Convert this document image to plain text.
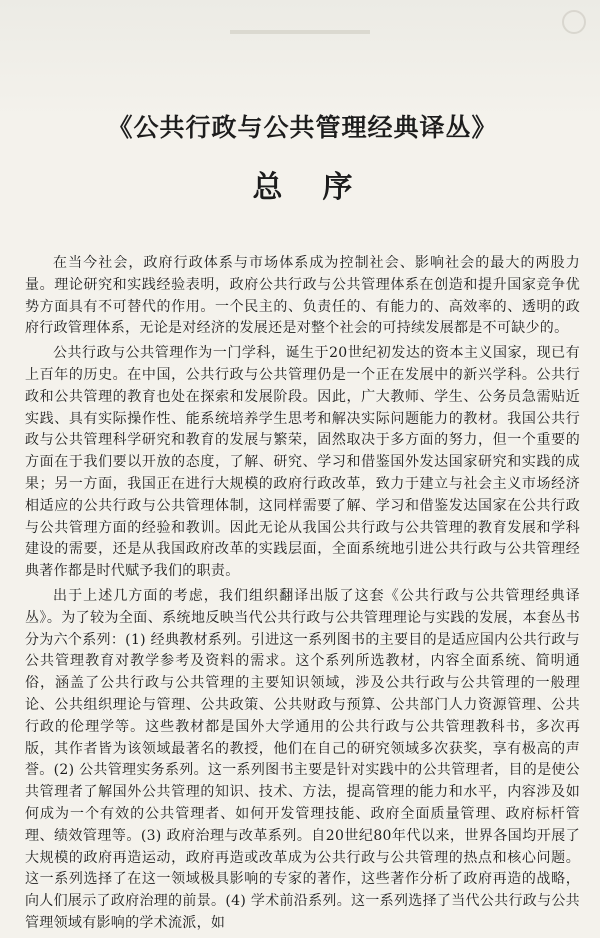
《公共行政与公共管理经典译丛》
总序

在当今社会，政府行政体系与市场体系成为控制社会、影响社会的最大的两股力量。理论研究和实践经验表明，政府公共行政与公共管理体系在创造和提升国家竞争优势方面具有不可替代的作用。一个民主的、负责任的、有能力的、高效率的、透明的政府行政管理体系，无论是对经济的发展还是对整个社会的可持续发展都是不可缺少的。

公共行政与公共管理作为一门学科，诞生于20世纪初发达的资本主义国家，现已有上百年的历史。在中国，公共行政与公共管理仍是一个正在发展中的新兴学科。公共行政和公共管理的教育也处在探索和发展阶段。因此，广大教师、学生、公务员急需贴近实践、具有实际操作性、能系统培养学生思考和解决实际问题能力的教材。我国公共行政与公共管理科学研究和教育的发展与繁荣，固然取决于多方面的努力，但一个重要的方面在于我们要以开放的态度，了解、研究、学习和借鉴国外发达国家研究和实践的成果；另一方面，我国正在进行大规模的政府行政改革，致力于建立与社会主义市场经济相适应的公共行政与公共管理体制，这同样需要了解、学习和借鉴发达国家在公共行政与公共管理方面的经验和教训。因此无论从我国公共行政与公共管理的教育发展和学科建设的需要，还是从我国政府改革的实践层面，全面系统地引进公共行政与公共管理经典著作都是时代赋予我们的职责。

出于上述几方面的考虑，我们组织翻译出版了这套《公共行政与公共管理经典译丛》。为了较为全面、系统地反映当代公共行政与公共管理理论与实践的发展，本套丛书分为六个系列：(1) 经典教材系列。引进这一系列图书的主要目的是适应国内公共行政与公共管理教育对教学参考及资料的需求。这个系列所选教材，内容全面系统、简明通俗，涵盖了公共行政与公共管理的主要知识领域，涉及公共行政与公共管理的一般理论、公共组织理论与管理、公共政策、公共财政与预算、公共部门人力资源管理、公共行政的伦理学等。这些教材都是国外大学通用的公共行政与公共管理教科书，多次再版，其作者皆为该领域最著名的教授，他们在自己的研究领域多次获奖，享有极高的声誉。(2) 公共管理实务系列。这一系列图书主要是针对实践中的公共管理者，目的是使公共管理者了解国外公共管理的知识、技术、方法，提高管理的能力和水平，内容涉及如何成为一个有效的公共管理者、如何开发管理技能、政府全面质量管理、政府标杆管理、绩效管理等。(3) 政府治理与改革系列。自20世纪80年代以来，世界各国均开展了大规模的政府再造运动，政府再造或改革成为公共行政与公共管理的热点和核心问题。这一系列选择了在这一领域极具影响的专家的著作，这些著作分析了政府再造的战略，向人们展示了政府治理的前景。(4) 学术前沿系列。这一系列选择了当代公共行政与公共管理领域有影响的学术流派，如
